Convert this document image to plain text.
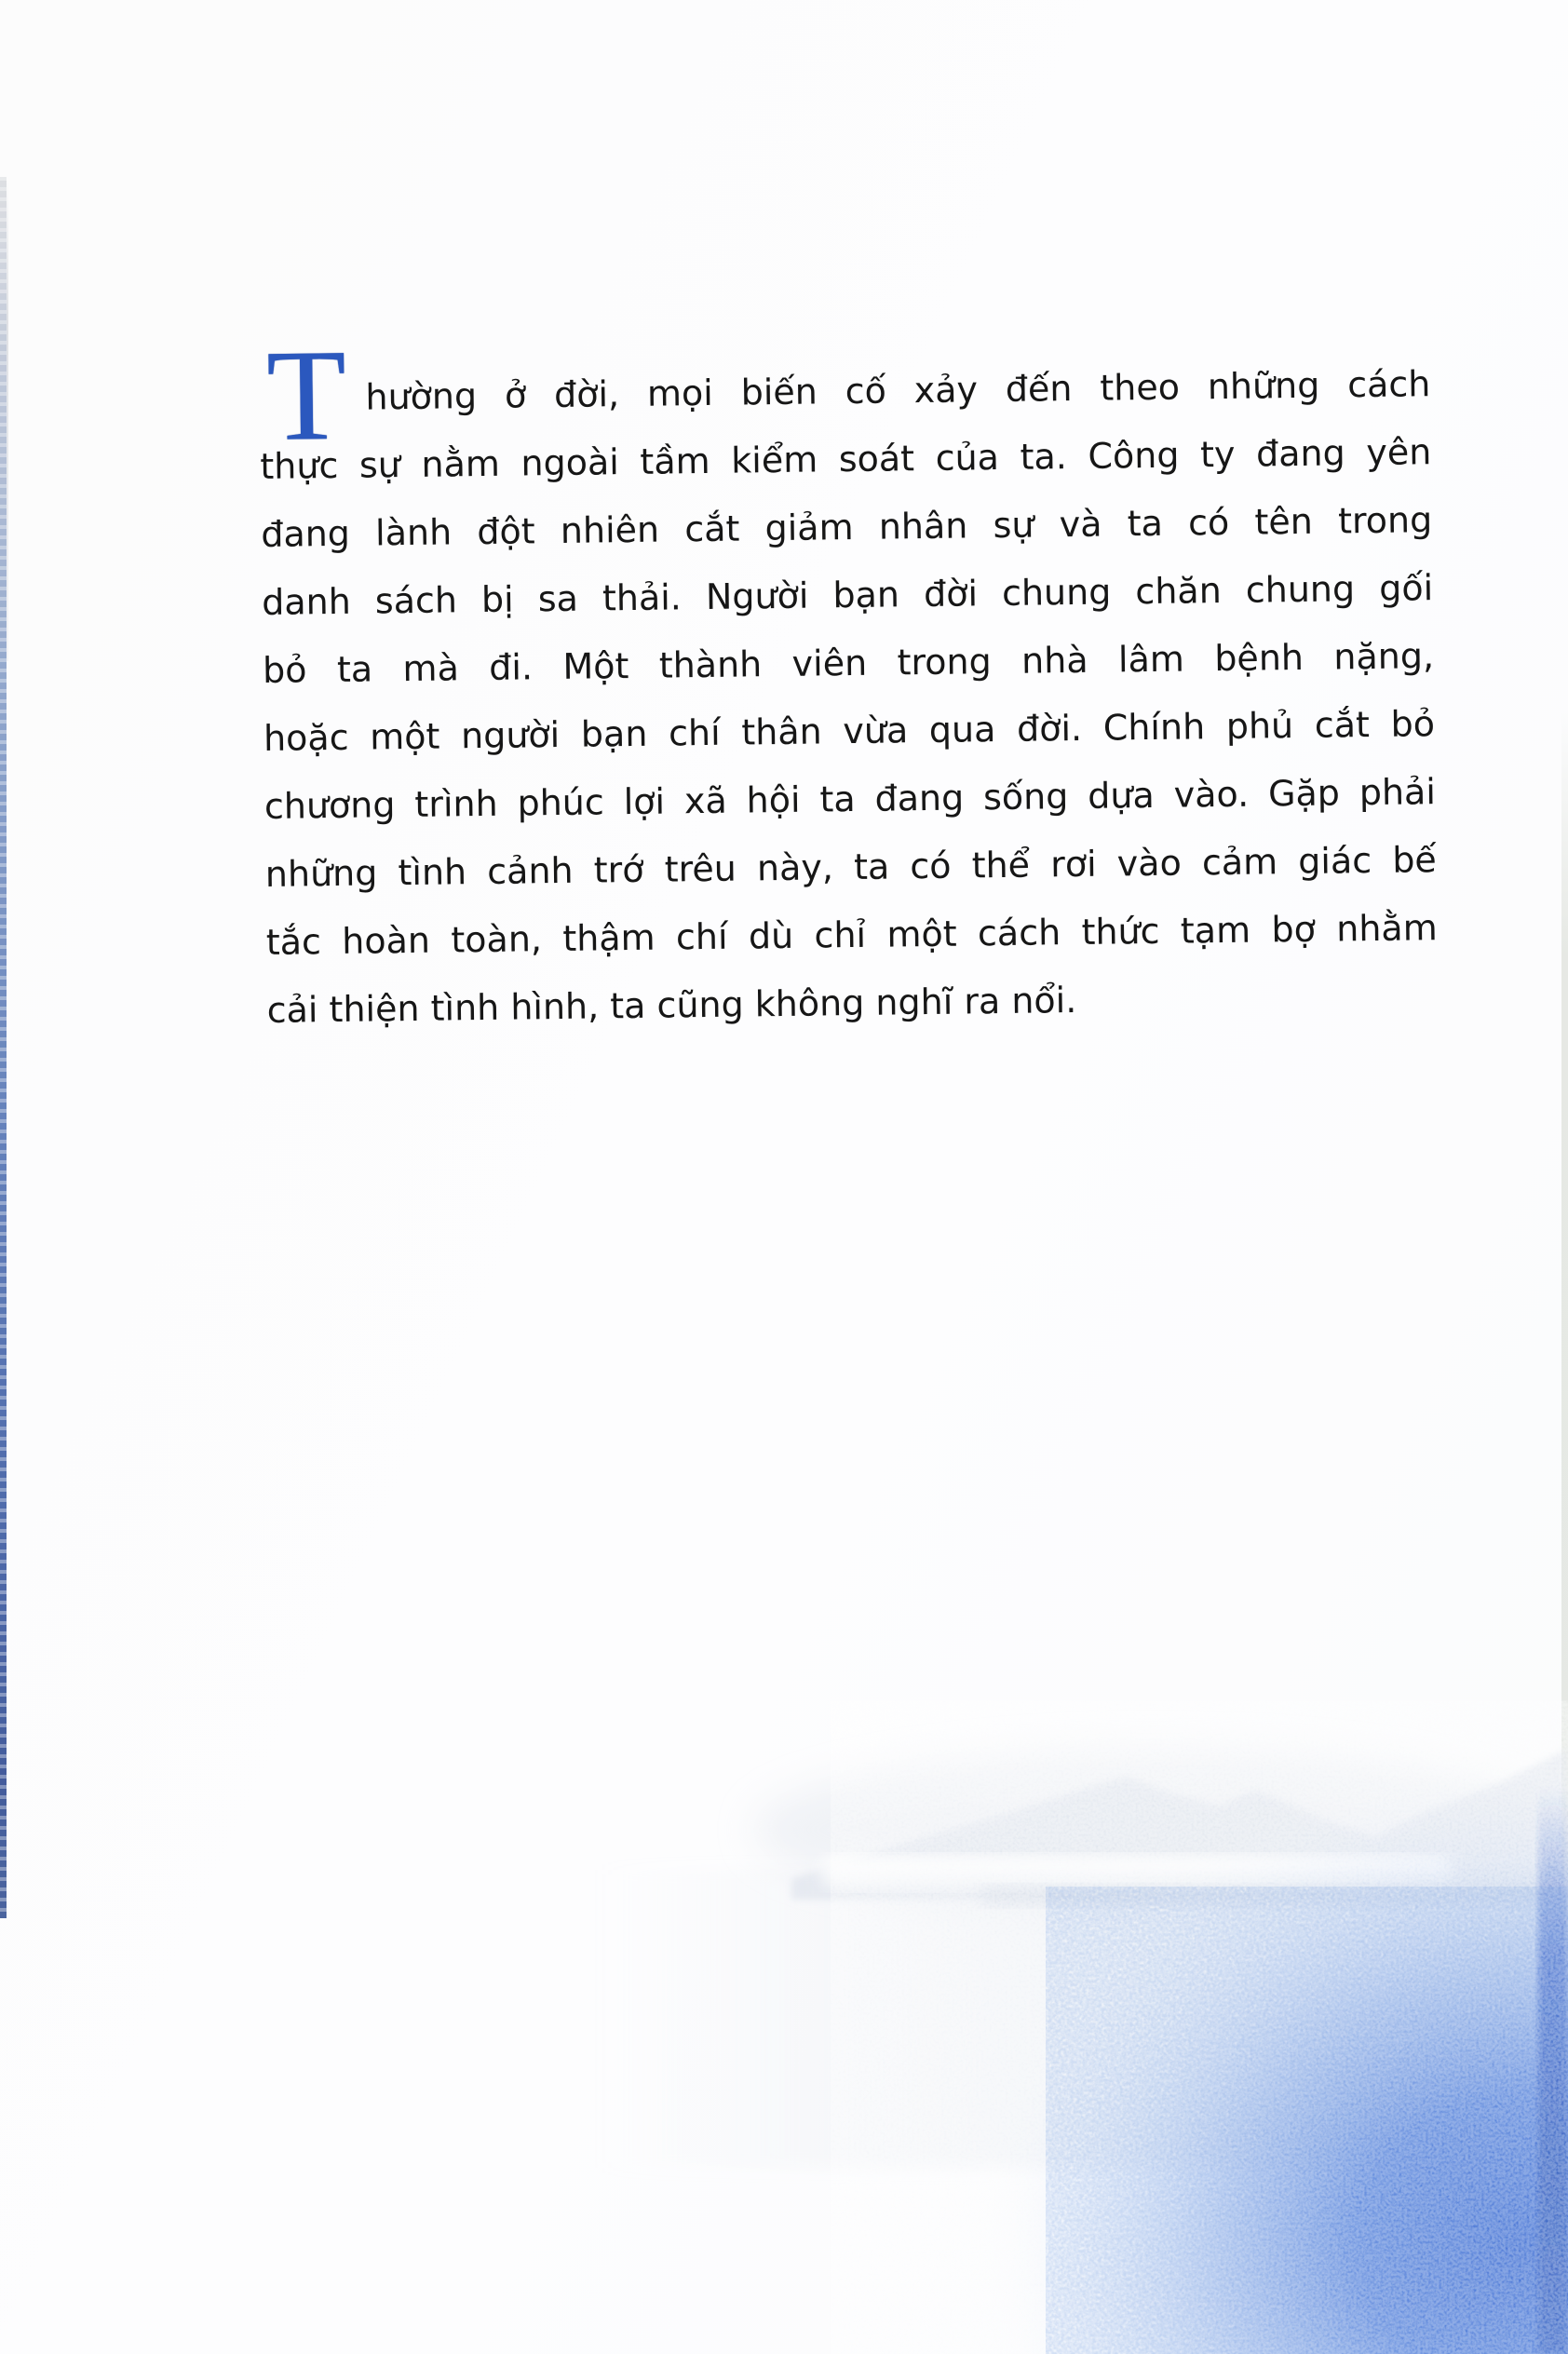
T hường ở đời, mọi biến cố xảy đến theo những cách
thực sự nằm ngoài tầm kiểm soát của ta. Công ty đang yên
đang lành đột nhiên cắt giảm nhân sự và ta có tên trong
danh sách bị sa thải. Người bạn đời chung chăn chung gối
bỏ ta mà đi. Một thành viên trong nhà lâm bệnh nặng,
hoặc một người bạn chí thân vừa qua đời. Chính phủ cắt bỏ
chương trình phúc lợi xã hội ta đang sống dựa vào. Gặp phải
những tình cảnh trớ trêu này, ta có thể rơi vào cảm giác bế
tắc hoàn toàn, thậm chí dù chỉ một cách thức tạm bợ nhằm
cải thiện tình hình, ta cũng không nghĩ ra nổi.
